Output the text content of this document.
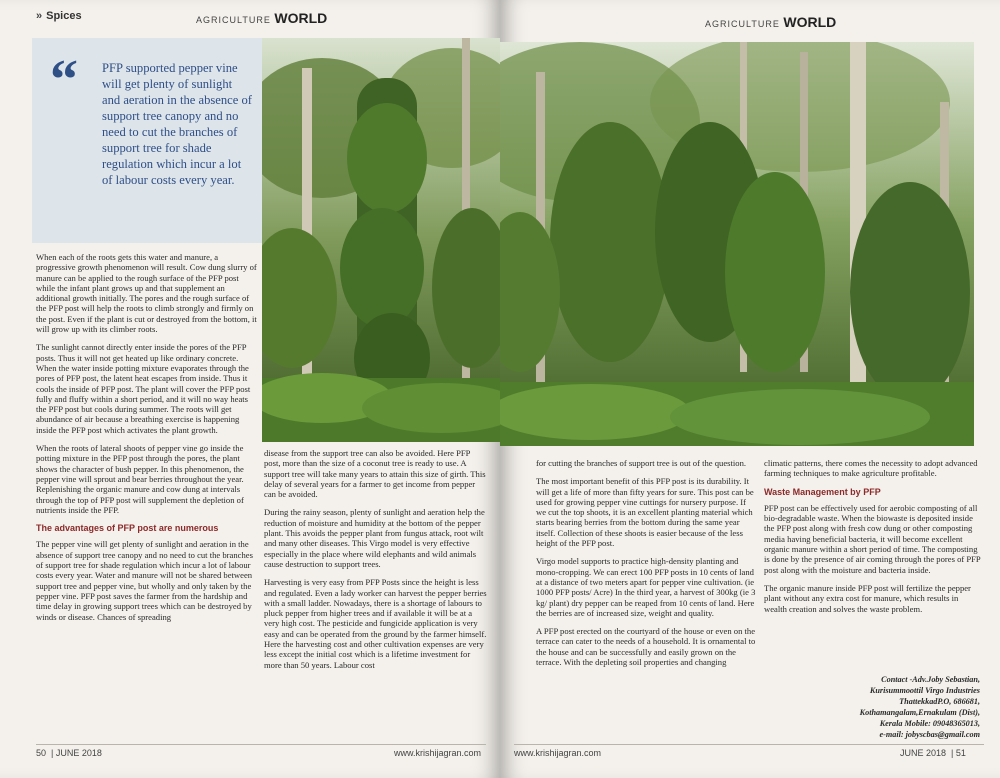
» Spices	AGRICULTURE WORLD
“ PFP supported pepper vine will get plenty of sunlight and aeration in the absence of support tree canopy and no need to cut the branches of support tree for shade regulation which incur a lot of labour costs every year.

When each of the roots gets this water and manure, a progressive growth phenomenon will result. Cow dung slurry of manure can be applied to the rough surface of the PFP post while the infant plant grows up and that supplement an additional growth initially. The pores and the rough surface of the PFP post will help the roots to climb strongly and firmly on the post. Even if the plant is cut or destroyed from the bottom, it will grow up with its climber roots.

The sunlight cannot directly enter inside the pores of the PFP posts. Thus it will not get heated up like ordinary concrete. When the water inside potting mixture evaporates through the pores of PFP post, the latent heat escapes from inside. Thus it cools the inside of PFP post. The plant will cover the PFP post fully and fluffy within a short period, and it will no way heats the PFP post but cools during summer. The roots will get abundance of air because a breathing exercise is happening inside the PFP post which activates the plant growth.

When the roots of lateral shoots of pepper vine go inside the potting mixture in the PFP post through the pores, the plant shows the character of bush pepper. In this phenomenon, the pepper vine will sprout and bear berries throughout the year. Replenishing the organic manure and cow dung at intervals through the top of PFP post will supplement the depletion of nutrients inside the PFP.

The advantages of PFP post are numerous

The pepper vine will get plenty of sunlight and aeration in the absence of support tree canopy and no need to cut the branches of support tree for shade regulation which incur a lot of labour costs every year. Water and manure will not be shared between support tree and pepper vine, but wholly and only taken by the pepper vine. PFP post saves the farmer from the hardship and time delay in growing support trees which can be destroyed by winds or disease. Chances of spreading

disease from the support tree can also be avoided. Here PFP post, more than the size of a coconut tree is ready to use. A support tree will take many years to attain this size of girth. This delay of several years for a farmer to get income from pepper can be avoided.

During the rainy season, plenty of sunlight and aeration help the reduction of moisture and humidity at the bottom of the pepper plant. This avoids the pepper plant from fungus attack, root wilt and many other diseases. This Virgo model is very effective especially in the place where wild elephants and wild animals cause destruction to support trees.

Harvesting is very easy from PFP Posts since the height is less and regulated. Even a lady worker can harvest the pepper berries with a small ladder. Nowadays, there is a shortage of labours to pluck pepper from higher trees and if available it will be at a very high cost. The pesticide and fungicide application is very easy and can be operated from the ground by the farmer himself. Here the harvesting cost and other cultivation expenses are very less except the initial cost which is a lifetime investment for more than 50 years. Labour cost

50  | JUNE 2018	www.krishijagran.com
AGRICULTURE WORLD

for cutting the branches of support tree is out of the question.

The most important benefit of this PFP post is its durability. It will get a life of more than fifty years for sure. This post can be used for growing pepper vine cuttings for nursery purpose. If we cut the top shoots, it is an excellent planting material which starts bearing berries from the bottom during the same year itself. Collection of these shoots is easier because of the less height of the PFP post.

Virgo model supports to practice high-density planting and mono-cropping. We can erect 100 PFP posts in 10 cents of land at a distance of two meters apart for pepper vine cultivation. (ie 1000 PFP posts/ Acre) In the third year, a harvest of 300kg (ie 3 kg/ plant) dry pepper can be reaped from 10 cents of land. Here the berries are of increased size, weight and quality.

A PFP post erected on the courtyard of the house or even on the terrace can cater to the needs of a household. It is ornamental to the house and can be successfully and easily grown on the terrace. With the depleting soil properties and changing

climatic patterns, there comes the necessity to adopt advanced farming techniques to make agriculture profitable.

Waste Management by PFP

PFP post can be effectively used for aerobic composting of all bio-degradable waste. When the biowaste is deposited inside the PFP post along with fresh cow dung or other composting media having beneficial bacteria, it will become excellent organic manure within a short period of time. The composting is done by the presence of air coming through the pores of PFP post along with the moisture and bacteria inside.

The organic manure inside PFP post will fertilize the pepper plant without any extra cost for manure, which results in wealth creation and solves the waste problem.

Contact -Adv.Joby Sebastian,
Kurisummoottil Virgo Industries
ThattekkadP.O, 686681,
Kothamangalam,Ernakulam (Dist),
Kerala Mobile: 09048365013,
e-mail: jobyscbas@gmail.com
www.krishijagran.com	JUNE 2018  | 51
